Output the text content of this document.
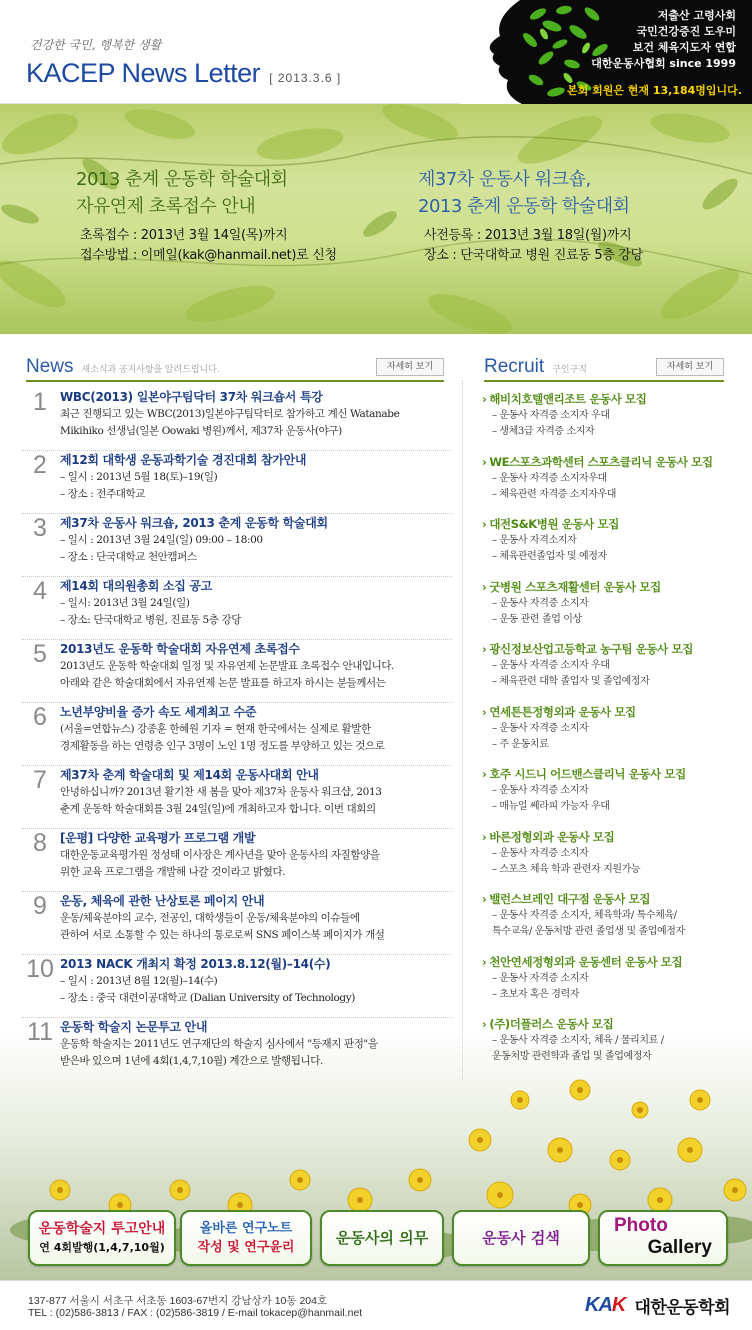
건강한 국민, 행복한 생활
KACEP News Letter [ 2013.3.6 ]
저출산 고령사회
국민건강증진 도우미
보건 체육지도자 연합
대한운동사협회 since 1999
본회 회원은 현재 13,184명입니다.
2013 춘계 운동학 학술대회
자유연제 초록접수 안내
초록접수 : 2013년 3월 14일(목)까지
접수방법 : 이메일(kak@hanmail.net)로 신청
제37차 운동사 워크숍,
2013 춘계 운동학 학술대회
사전등록 : 2013년 3월 18일(월)까지
장소 : 단국대학교 병원 진료동 5층 강당
News 새소식과 공지사항을 알려드립니다.	자세히 보기
1	WBC(2013) 일본야구팀닥터 37차 워크숍서 특강
최근 진행되고 있는 WBC(2013)일본야구팀닥터로 참가하고 계신 Watanabe
Mikihiko 선생님(일본 Oowaki 병원)께서, 제37차 운동사(야구)
2	제12회 대학생 운동과학기술 경진대회 참가안내
– 일시 : 2013년 5월 18(토)–19(일)
– 장소 : 전주대학교
3	제37차 운동사 워크숍, 2013 춘계 운동학 학술대회
– 일시 : 2013년 3월 24일(일) 09:00 – 18:00
– 장소 : 단국대학교 천안캠퍼스
4	제14회 대의원총회 소집 공고
– 일시: 2013년 3월 24일(일)
– 장소: 단국대학교 병원, 진료동 5층 강당
5	2013년도 운동학 학술대회 자유연제 초록접수
2013년도 운동학 학술대회 일정 및 자유연제 논문발표 초록접수 안내입니다.
아래와 같은 학술대회에서 자유연제 논문 발표를 하고자 하시는 분들께서는
6	노년부양비율 증가 속도 세계최고 수준
(서울=연합뉴스) 강종훈 한혜원 기자 = 현재 한국에서는 실제로 활발한
경제활동을 하는 연령층 인구 3명이 노인 1명 정도를 부양하고 있는 것으로
7	제37차 춘계 학술대회 및 제14회 운동사대회 안내
안녕하십니까? 2013년 활기찬 새 봄을 맞아 제37차 운동사 워크샵, 2013
춘계 운동학 학술대회를 3월 24일(일)에 개최하고자 합니다. 이번 대회의
8	[운평] 다양한 교육평가 프로그램 개발
대한운동교육평가원 정성태 이사장은 계사년을 맞아 운동사의 자질함양을
위한 교육 프로그램을 개발해 나갈 것이라고 밝혔다.
9	운동, 체육에 관한 난상토론 페이지 안내
운동/체육분야의 교수, 전공인, 대학생들이 운동/체육분야의 이슈들에
관하여 서로 소통할 수 있는 하나의 통로로써 SNS 페이스북 페이지가 개설
10 2013 NACK 개최지 확정 2013.8.12(월)–14(수)
– 일시 : 2013년 8월 12(월)–14(수)
– 장소 : 중국 대련이공대학교 (Dalian University of Technology)
11 운동학 학술지 논문투고 안내
운동학 학술지는 2011년도 연구재단의 학술지 심사에서 "등재지 판정"을
받은바 있으며 1년에 4회(1,4,7,10월) 계간으로 발행됩니다.
Recruit 구인구직	자세히 보기
› 해비치호텔앤리조트 운동사 모집
– 운동사 자격증 소지자 우대
– 생체3급 자격증 소지자
› WE스포츠과학센터 스포츠클리닉 운동사 모집
– 운동사 자격증 소지자우대
– 체육관련 자격증 소지자우대
› 대전S&K병원 운동사 모집
– 운동사 자격소지자
– 체육관련졸업자 및 예정자
› 굿병원 스포츠재활센터 운동사 모집
– 운동사 자격증 소지자
– 운동 관련 졸업 이상
› 광신정보산업고등학교 농구팀 운동사 모집
– 운동사 자격증 소지자 우대
– 체육관련 대학 졸업자 및 졸업예정자
› 연세튼튼정형외과 운동사 모집
– 운동사 자격증 소지자
– 주 운동치료
› 호주 시드니 어드밴스클리닉 운동사 모집
– 운동사 자격증 소지자
– 매뉴얼 쎄라피 가능자 우대
› 바른정형외과 운동사 모집
– 운동사 자격증 소지자
– 스포츠 체육 학과 관련자 지원가능
› 밸런스브레인 대구점 운동사 모집
– 운동사 자격증 소지자, 체육학과/ 특수체육/
특수교육/ 운동처방 관련 졸업생 및 졸업예정자
› 천안연세정형외과 운동센터 운동사 모집
– 운동사 자격증 소지자
– 초보자 혹은 경력자
› (주)더플러스 운동사 모집
– 운동사 자격증 소지자, 체육 / 물리치료 /
운동처방 관련학과 졸업 및 졸업예정자
운동학술지 투고안내
연 4회발행(1,4,7,10월)
올바른 연구노트
작성 및 연구윤리
운동사의 의무	운동사 검색
Photo
Gallery
137-877 서울시 서초구 서초동 1603-67번지 강남상가 10동 204호
TEL : (02)586-3813 / FAX : (02)586-3819 / E-mail tokacep@hanmail.net	KAK 대한운동학회
